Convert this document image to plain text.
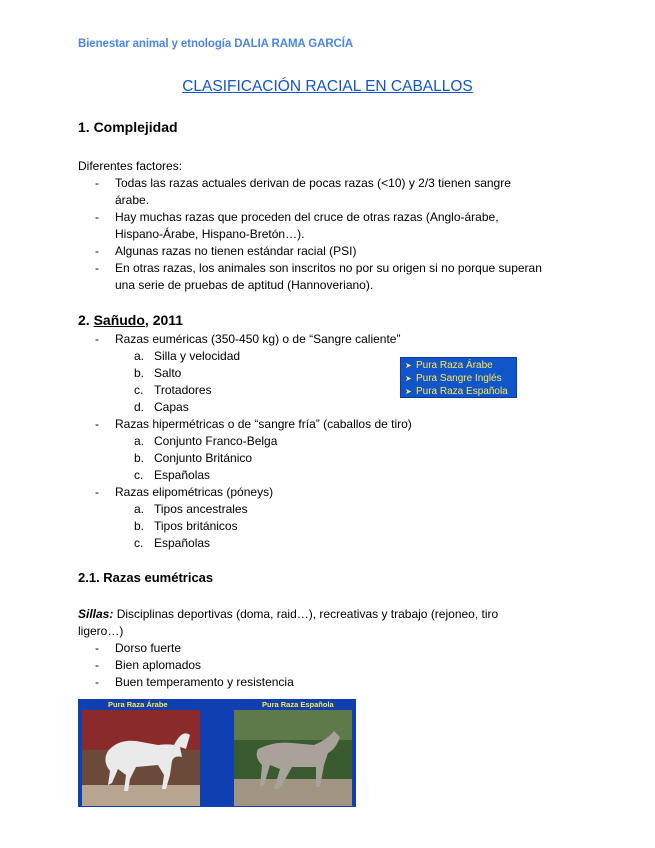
Bienestar animal y etnología DALIA RAMA GARCÍA
CLASIFICACIÓN RACIAL EN CABALLOS
1. Complejidad
Diferentes factores:
- Todas las razas actuales derivan de pocas razas (<10) y 2/3 tienen sangre
árabe.
- Hay muchas razas que proceden del cruce de otras razas (Anglo-árabe,
Hispano-Árabe, Hispano-Bretón…).
- Algunas razas no tienen estándar racial (PSI)
- En otras razas, los animales son inscritos no por su origen si no porque superan
una serie de pruebas de aptitud (Hannoveriano).
2. Sañudo, 2011
- Razas euméricas (350-450 kg) o de “Sangre caliente”
a. Silla y velocidad
b. Salto
c. Trotadores
d. Capas
➤ Pura Raza Árabe
➤ Pura Sangre Inglés
➤ Pura Raza Española
- Razas hipermétricas o de “sangre fría” (caballos de tiro)
a. Conjunto Franco-Belga
b. Conjunto Británico
c. Españolas
- Razas elipométricas (póneys)
a. Tipos ancestrales
b. Tipos británicos
c. Españolas
2.1. Razas eumétricas
Sillas: Disciplinas deportivas (doma, raid…), recreativas y trabajo (rejoneo, tiro
ligero…)
- Dorso fuerte
- Bien aplomados
- Buen temperamento y resistencia
Pura Raza Árabe	Pura Raza Española
